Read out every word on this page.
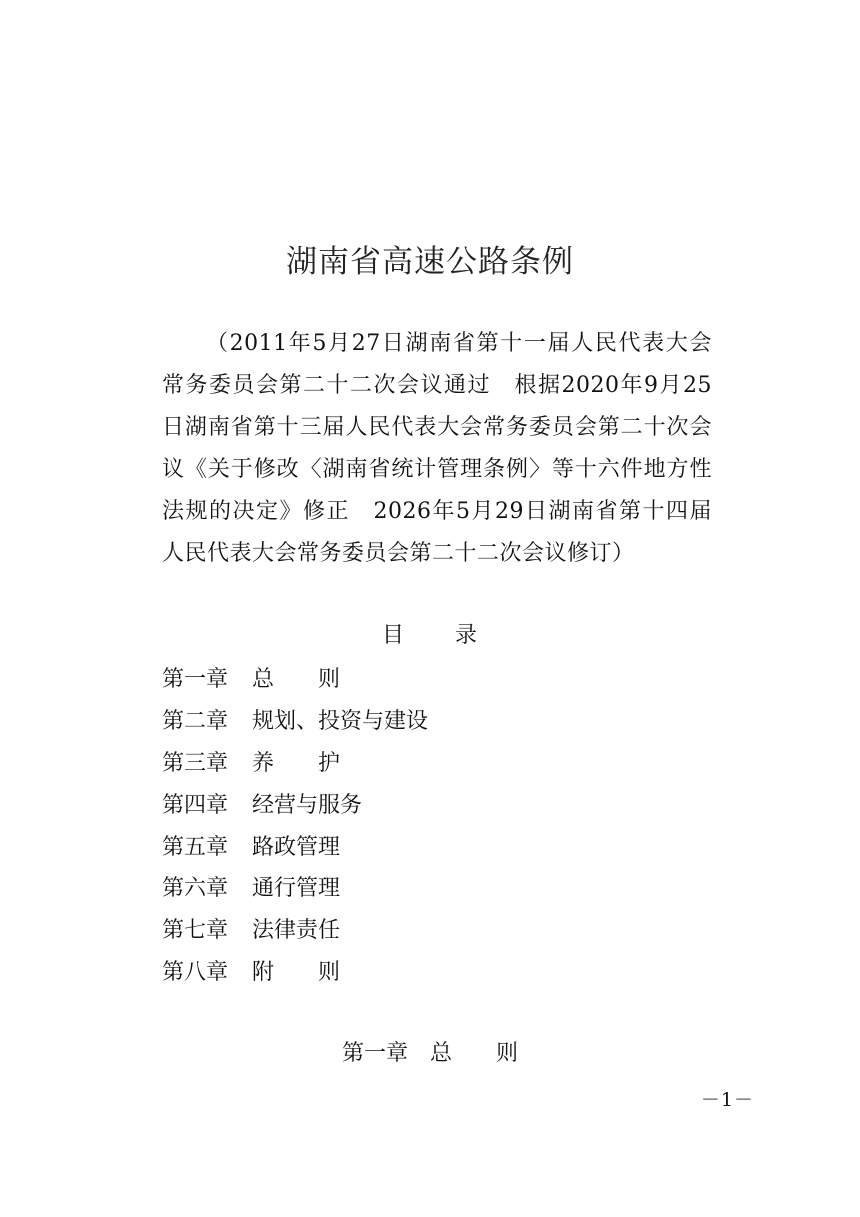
湖南省高速公路条例
（2011年5月27日湖南省第十一届人民代表大会常务委员会第二十二次会议通过　根据2020年9月25日湖南省第十三届人民代表大会常务委员会第二十次会议《关于修改〈湖南省统计管理条例〉等十六件地方性法规的决定》修正　2026年5月29日湖南省第十四届人民代表大会常务委员会第二十二次会议修订）
目 录
第一章	总　　则
第二章	规划、投资与建设
第三章	养　　护
第四章	经营与服务
第五章	路政管理
第六章	通行管理
第七章	法律责任
第八章	附　　则
第一章 总　　则
－1－
